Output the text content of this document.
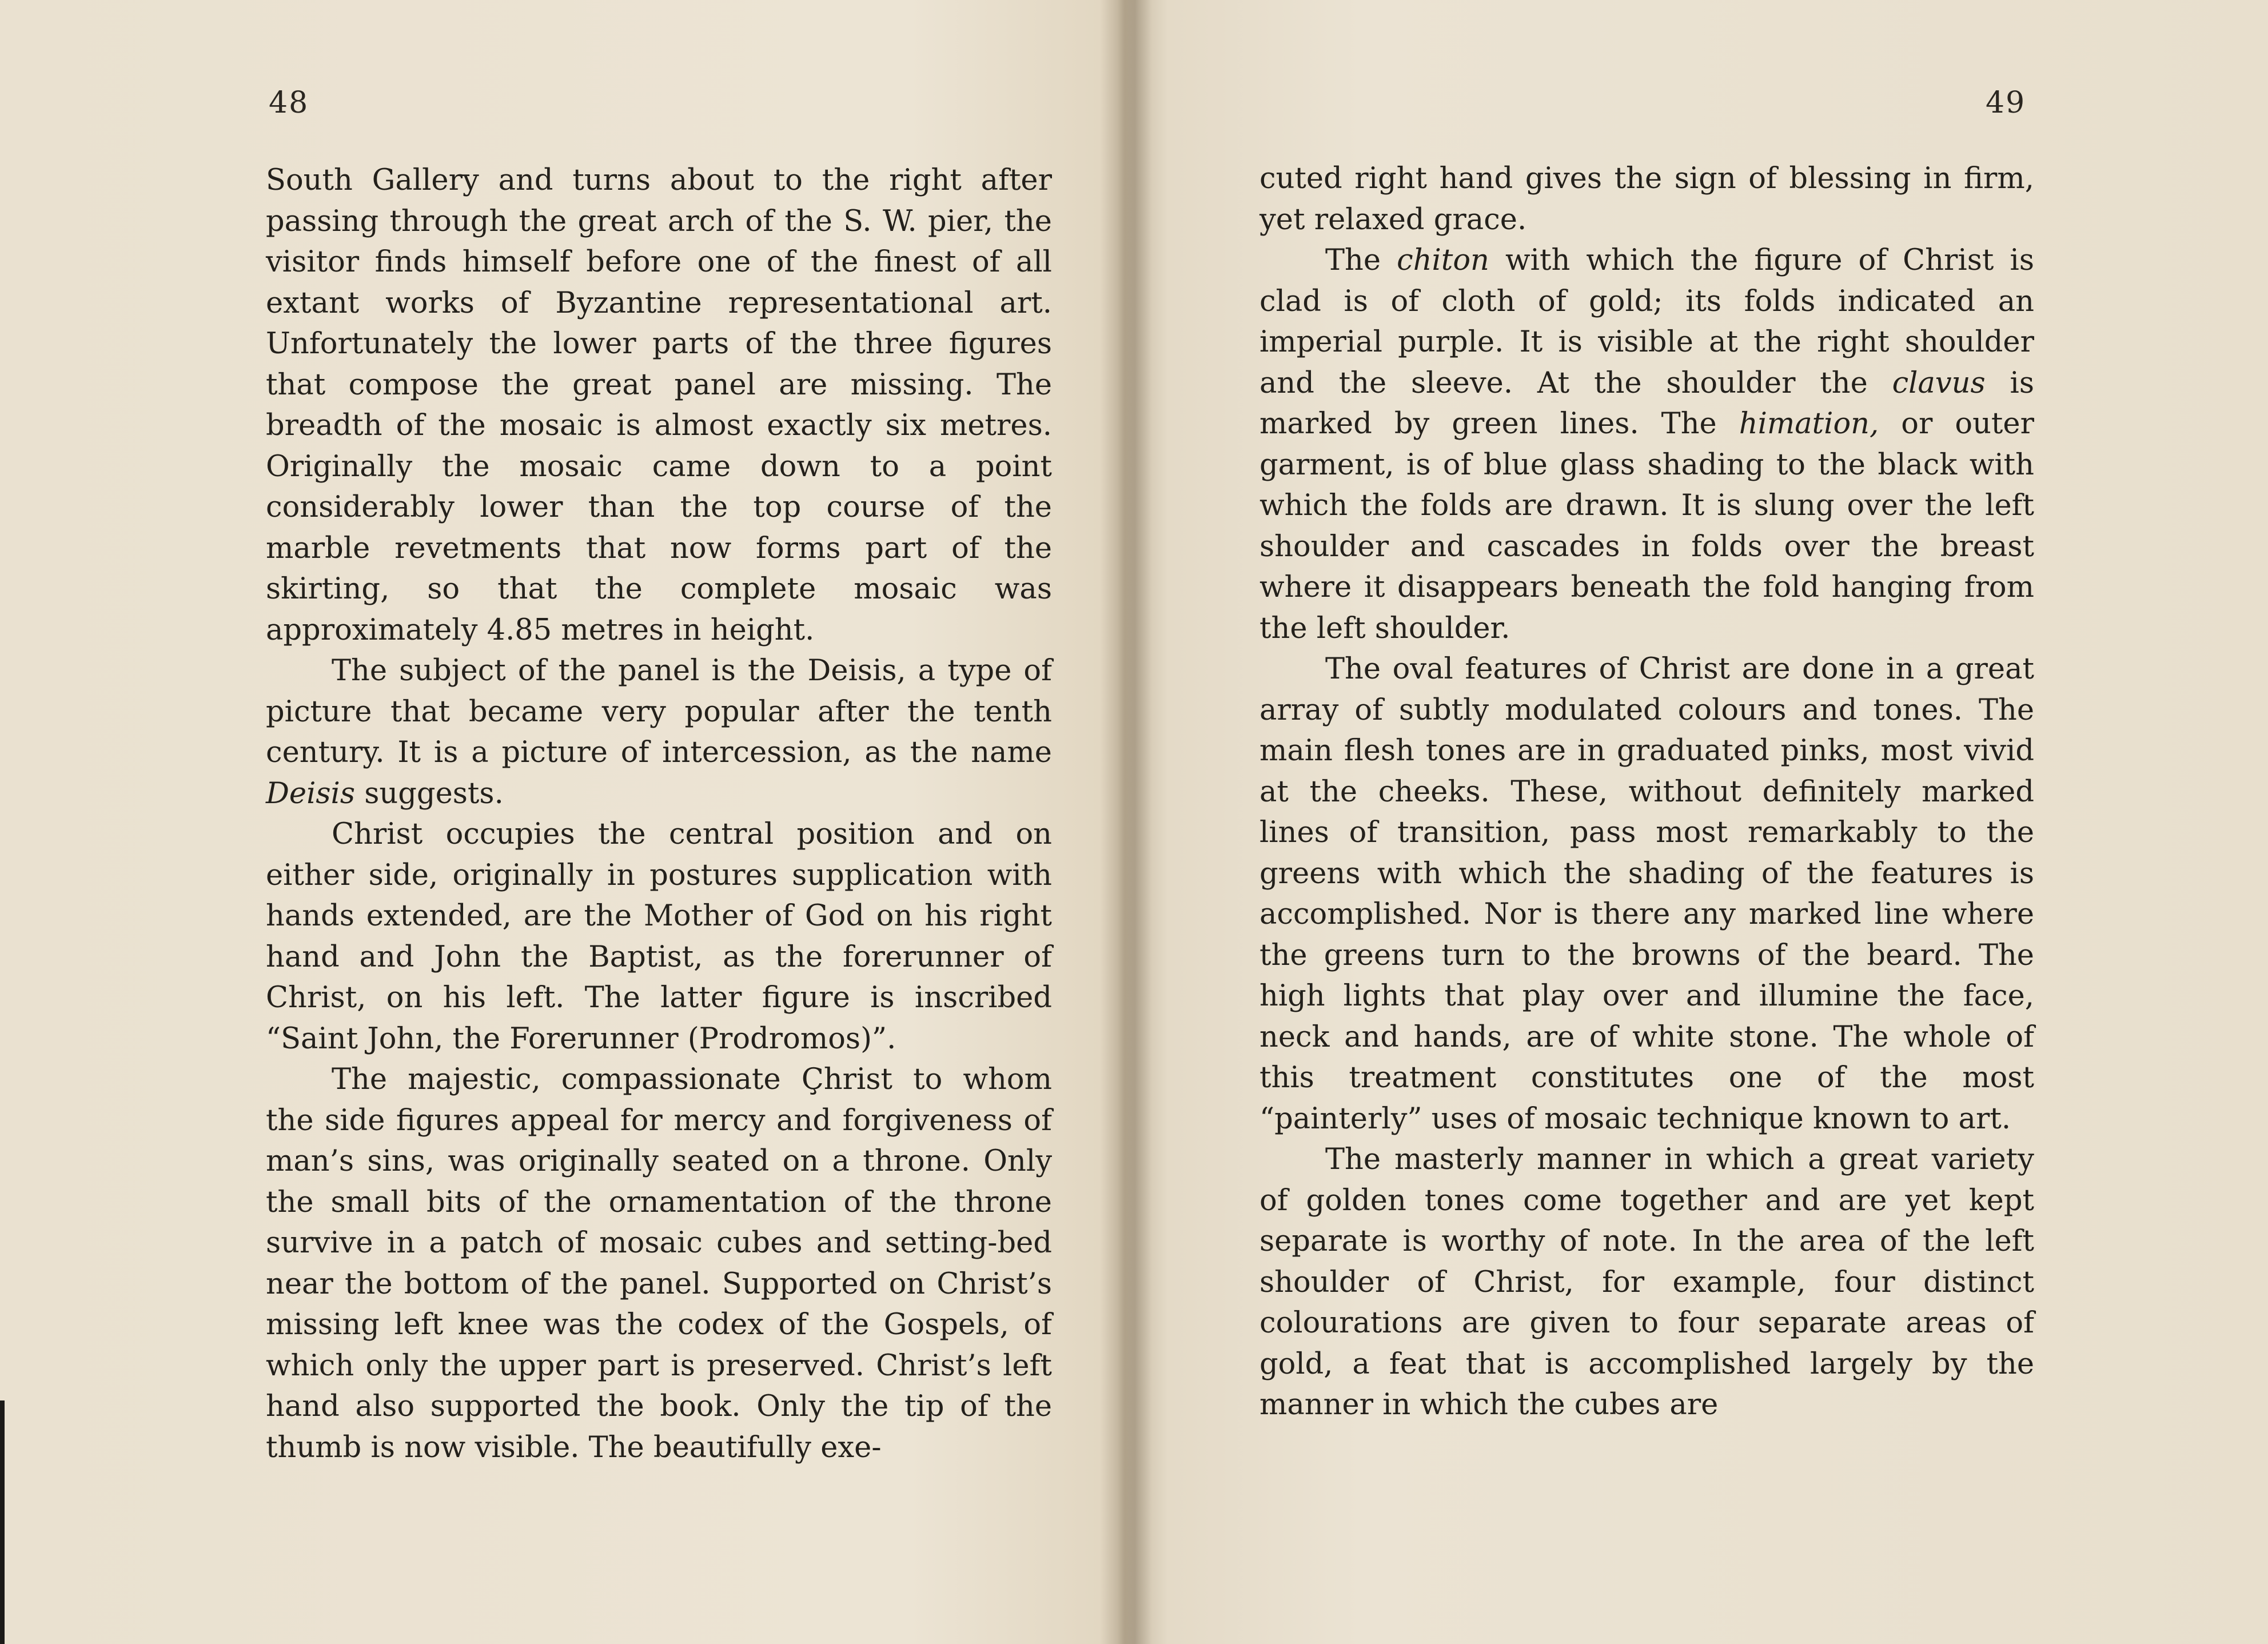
48

South Gallery and turns about to the right after passing through the great arch of the S. W. pier, the visitor finds himself before one of the finest of all extant works of Byzantine representational art. Unfortunately the lower parts of the three figures that compose the great panel are missing. The breadth of the mosaic is almost exactly six metres. Originally the mosaic came down to a point considerably lower than the top course of the marble revetments that now forms part of the skirting, so that the complete mosaic was approximately 4.85 metres in height.

The subject of the panel is the Deisis, a type of picture that became very popular after the tenth century. It is a picture of intercession, as the name Deisis suggests.

Christ occupies the central position and on either side, originally in postures supplication with hands extended, are the Mother of God on his right hand and John the Baptist, as the forerunner of Christ, on his left. The latter figure is inscribed “Saint John, the Forerunner (Prodromos)”.

The majestic, compassionate Çhrist to whom the side figures appeal for mercy and forgiveness of man’s sins, was originally seated on a throne. Only the small bits of the ornamentation of the throne survive in a patch of mosaic cubes and setting-bed near the bottom of the panel. Supported on Christ’s missing left knee was the codex of the Gospels, of which only the upper part is preserved. Christ’s left hand also supported the book. Only the tip of the thumb is now visible. The beautifully exe-

49

cuted right hand gives the sign of blessing in firm, yet relaxed grace.

The chiton with which the figure of Christ is clad is of cloth of gold; its folds indicated an imperial purple. It is visible at the right shoulder and the sleeve. At the shoulder the clavus is marked by green lines. The himation, or outer garment, is of blue glass shading to the black with which the folds are drawn. It is slung over the left shoulder and cascades in folds over the breast where it disappears beneath the fold hanging from the left shoulder.

The oval features of Christ are done in a great array of subtly modulated colours and tones. The main flesh tones are in graduated pinks, most vivid at the cheeks. These, without definitely marked lines of transition, pass most remarkably to the greens with which the shading of the features is accomplished. Nor is there any marked line where the greens turn to the browns of the beard. The high lights that play over and illumine the face, neck and hands, are of white stone. The whole of this treatment constitutes one of the most “painterly” uses of mosaic technique known to art.

The masterly manner in which a great variety of golden tones come together and are yet kept separate is worthy of note. In the area of the left shoulder of Christ, for example, four distinct colourations are given to four separate areas of gold, a feat that is accomplished largely by the manner in which the cubes are
